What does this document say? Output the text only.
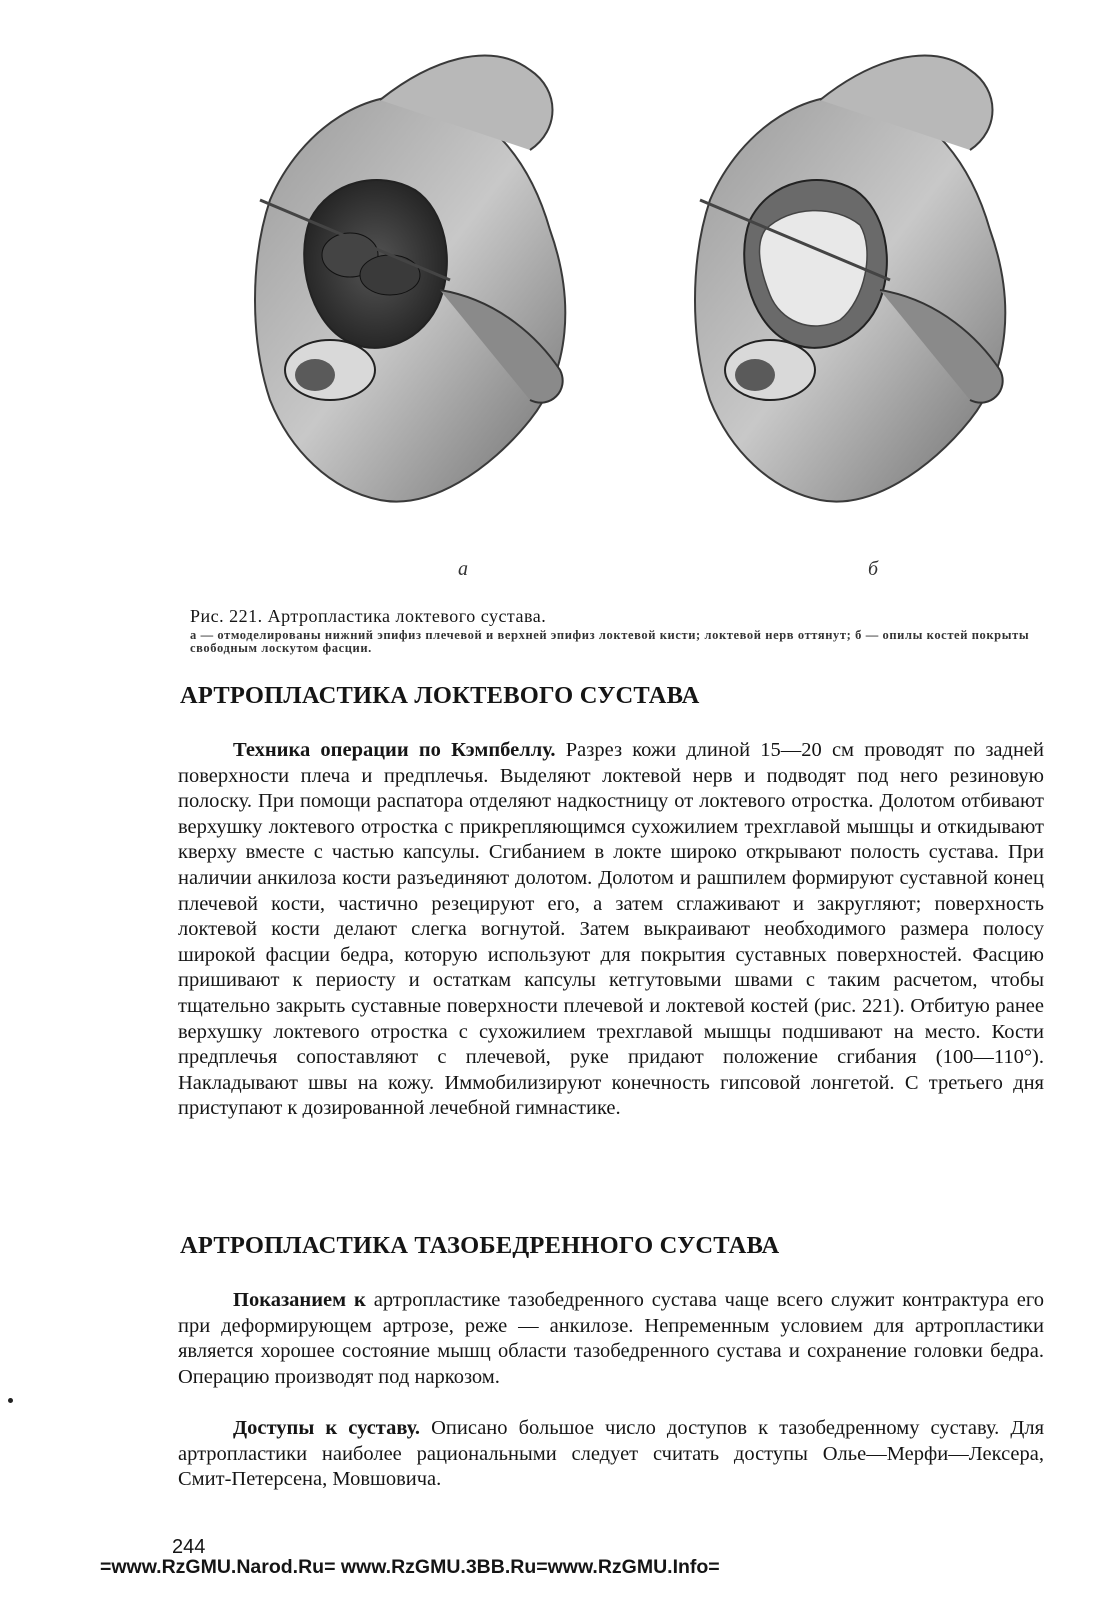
а	б

Рис. 221. Артропластика локтевого сустава.

а — отмоделированы нижний эпифиз плечевой и верхней эпифиз локтевой кисти; локтевой нерв оттянут; б — опилы костей покрыты свободным лоскутом фасции.

АРТРОПЛАСТИКА ЛОКТЕВОГО СУСТАВА

Техника операции по Кэмпбеллу. Разрез кожи длиной 15—20 см проводят по задней поверхности плеча и предплечья. Выделяют локтевой нерв и подводят под него резиновую полоску. При помощи распатора отделяют надкостницу от локтевого отростка. Долотом отбивают верхушку локтевого отростка с прикрепляющимся сухожилием трехглавой мышцы и откидывают кверху вместе с частью капсулы. Сгибанием в локте широко открывают полость сустава. При наличии анкилоза кости разъединяют долотом. Долотом и рашпилем формируют суставной конец плечевой кости, частично резецируют его, а затем сглаживают и закругляют; поверхность локтевой кости делают слегка вогнутой. Затем выкраивают необходимого размера полосу широкой фасции бедра, которую используют для покрытия суставных поверхностей. Фасцию пришивают к периосту и остаткам капсулы кетгутовыми швами с таким расчетом, чтобы тщательно закрыть суставные поверхности плечевой и локтевой костей (рис. 221). Отбитую ранее верхушку локтевого отростка с сухожилием трехглавой мышцы подшивают на место. Кости предплечья сопоставляют с плечевой, руке придают положение сгибания (100—110°). Накладывают швы на кожу. Иммобилизируют конечность гипсовой лонгетой. С третьего дня приступают к дозированной лечебной гимнастике.

АРТРОПЛАСТИКА ТАЗОБЕДРЕННОГО СУСТАВА

Показанием к артропластике тазобедренного сустава чаще всего служит контрактура его при деформирующем артрозе, реже — анкилозе. Непременным условием для артропластики является хорошее состояние мышц области тазобедренного сустава и сохранение головки бедра. Операцию производят под наркозом.

Доступы к суставу. Описано большое число доступов к тазобедренному суставу. Для артропластики наиболее рациональными следует считать доступы Олье—Мерфи—Лексера, Смит-Петерсена, Мовшовича.

244

=www.RzGMU.Narod.Ru= www.RzGMU.3BB.Ru=www.RzGMU.Info=
